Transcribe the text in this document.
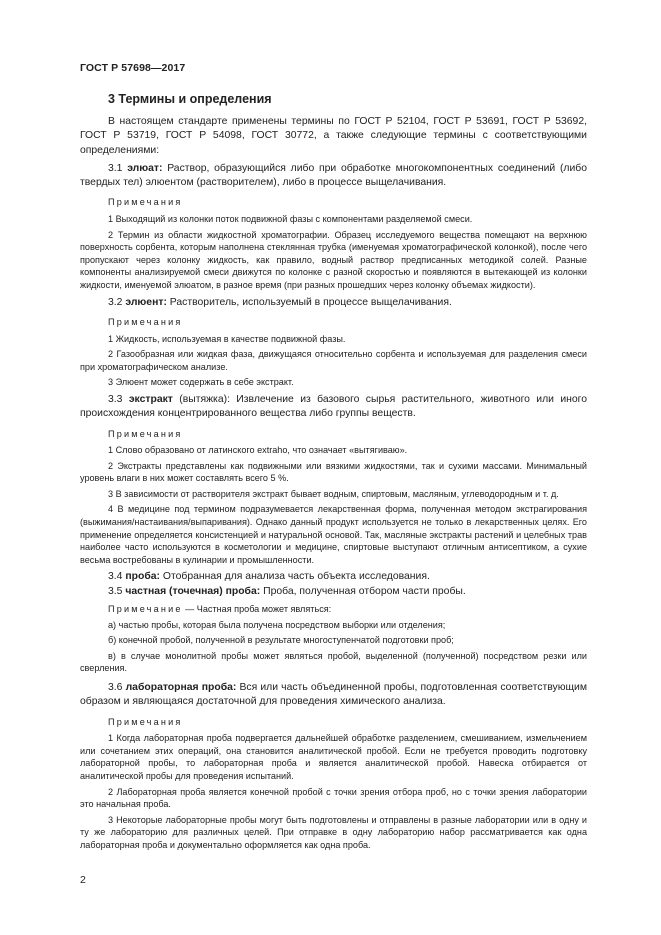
ГОСТ Р 57698—2017
3 Термины и определения

В настоящем стандарте применены термины по ГОСТ Р 52104, ГОСТ Р 53691, ГОСТ Р 53692, ГОСТ Р 53719, ГОСТ Р 54098, ГОСТ 30772, а также следующие термины с соответствующими определениями:

3.1 элюат: Раствор, образующийся либо при обработке многокомпонентных соединений (либо твердых тел) элюентом (растворителем), либо в процессе выщелачивания.

Примечания

1 Выходящий из колонки поток подвижной фазы с компонентами разделяемой смеси.

2 Термин из области жидкостной хроматографии. Образец исследуемого вещества помещают на верхнюю поверхность сорбента, которым наполнена стеклянная трубка (именуемая хроматографической колонкой), после чего пропускают через колонку жидкость, как правило, водный раствор предписанных методикой солей. Разные компоненты анализируемой смеси движутся по колонке с разной скоростью и появляются в вытекающей из колонки жидкости, именуемой элюатом, в разное время (при разных прошедших через колонку объемах жидкости).

3.2 элюент: Растворитель, используемый в процессе выщелачивания.

Примечания

1 Жидкость, используемая в качестве подвижной фазы.

2 Газообразная или жидкая фаза, движущаяся относительно сорбента и используемая для разделения смеси при хроматографическом анализе.

3 Элюент может содержать в себе экстракт.

3.3 экстракт (вытяжка): Извлечение из базового сырья растительного, животного или иного происхождения концентрированного вещества либо группы веществ.

Примечания

1 Слово образовано от латинского extraho, что означает «вытягиваю».

2 Экстракты представлены как подвижными или вязкими жидкостями, так и сухими массами. Минимальный уровень влаги в них может составлять всего 5 %.

3 В зависимости от растворителя экстракт бывает водным, спиртовым, масляным, углеводородным и т. д.

4 В медицине под термином подразумевается лекарственная форма, полученная методом экстрагирования (выжимания/настаивания/выпаривания). Однако данный продукт используется не только в лекарственных целях. Его применение определяется консистенцией и натуральной основой. Так, масляные экстракты растений и целебных трав наиболее часто используются в косметологии и медицине, спиртовые выступают отличным антисептиком, а сухие весьма востребованы в кулинарии и промышленности.

3.4 проба: Отобранная для анализа часть объекта исследования.

3.5 частная (точечная) проба: Проба, полученная отбором части пробы.

Примечание — Частная проба может являться:

а) частью пробы, которая была получена посредством выборки или отделения;

б) конечной пробой, полученной в результате многоступенчатой подготовки проб;

в) в случае монолитной пробы может являться пробой, выделенной (полученной) посредством резки или сверления.

3.6 лабораторная проба: Вся или часть объединенной пробы, подготовленная соответствующим образом и являющаяся достаточной для проведения химического анализа.

Примечания

1 Когда лабораторная проба подвергается дальнейшей обработке разделением, смешиванием, измельчением или сочетанием этих операций, она становится аналитической пробой. Если не требуется проводить подготовку лабораторной пробы, то лабораторная проба и является аналитической пробой. Навеска отбирается от аналитической пробы для проведения испытаний.

2 Лабораторная проба является конечной пробой с точки зрения отбора проб, но с точки зрения лаборатории это начальная проба.

3 Некоторые лабораторные пробы могут быть подготовлены и отправлены в разные лаборатории или в одну и ту же лабораторию для различных целей. При отправке в одну лабораторию набор рассматривается как одна лабораторная проба и документально оформляется как одна проба.

2
